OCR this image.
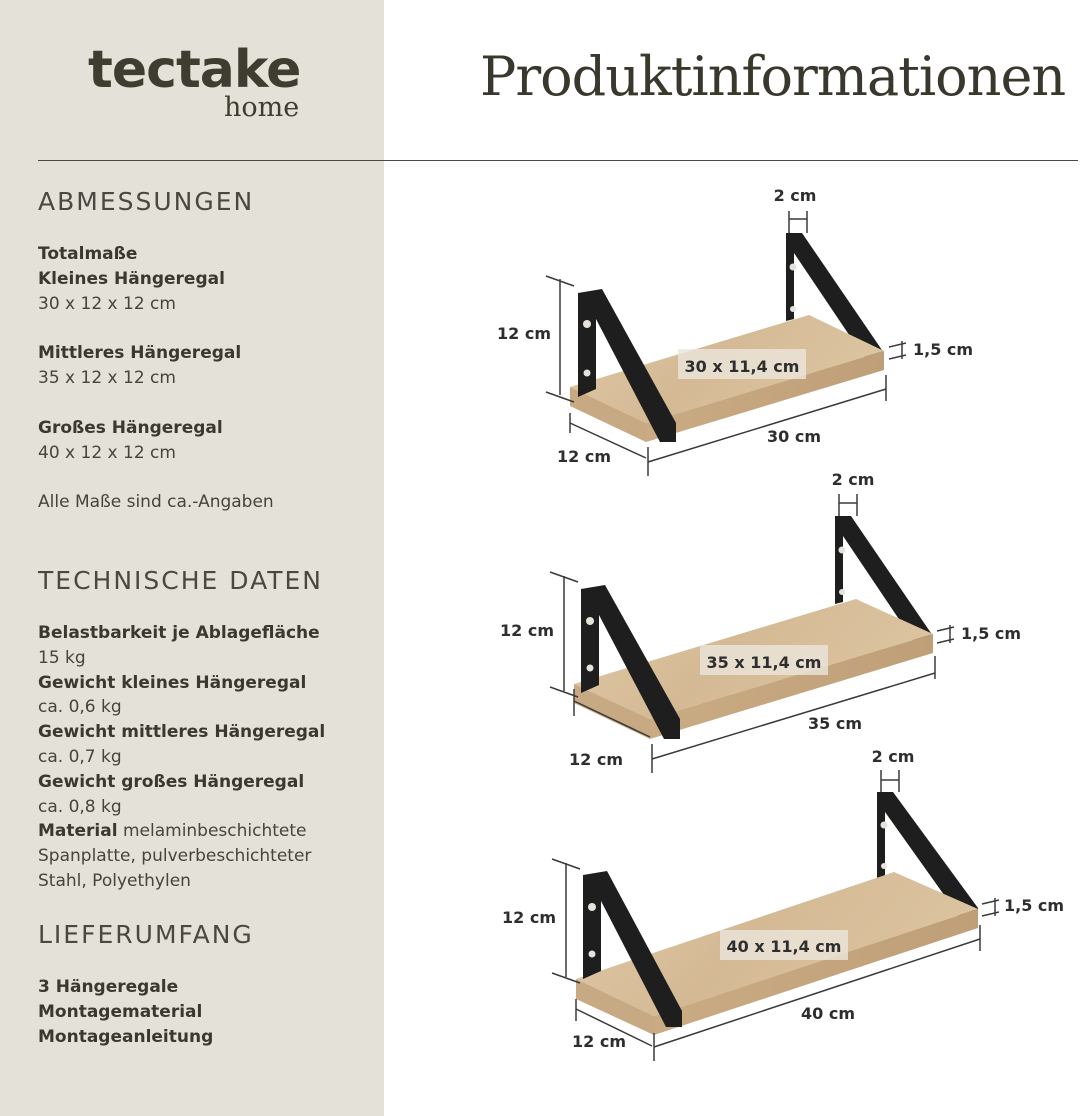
tectake
home	Produktinformationen
ABMESSUNGEN
Totalmaße
Kleines Hängeregal
30 x 12 x 12 cm
Mittleres Hängeregal
35 x 12 x 12 cm
Großes Hängeregal
40 x 12 x 12 cm
Alle Maße sind ca.-Angaben
TECHNISCHE DATEN
Belastbarkeit je Ablagefläche
15 kg
Gewicht kleines Hängeregal
ca. 0,6 kg
Gewicht mittleres Hängeregal
ca. 0,7 kg
Gewicht großes Hängeregal
ca. 0,8 kg
Material melaminbeschichtete
Spanplatte, pulverbeschichteter
Stahl, Polyethylen
LIEFERUMFANG
3 Hängeregale
Montagematerial
Montageanleitung
2 cm
1,5 cm
12 cm
30 x 11,4 cm
30 cm
12 cm
2 cm
1,5 cm
12 cm
35 x 11,4 cm
35 cm
12 cm	2 cm
1,5 cm
12 cm
40 x 11,4 cm
40 cm
12 cm
